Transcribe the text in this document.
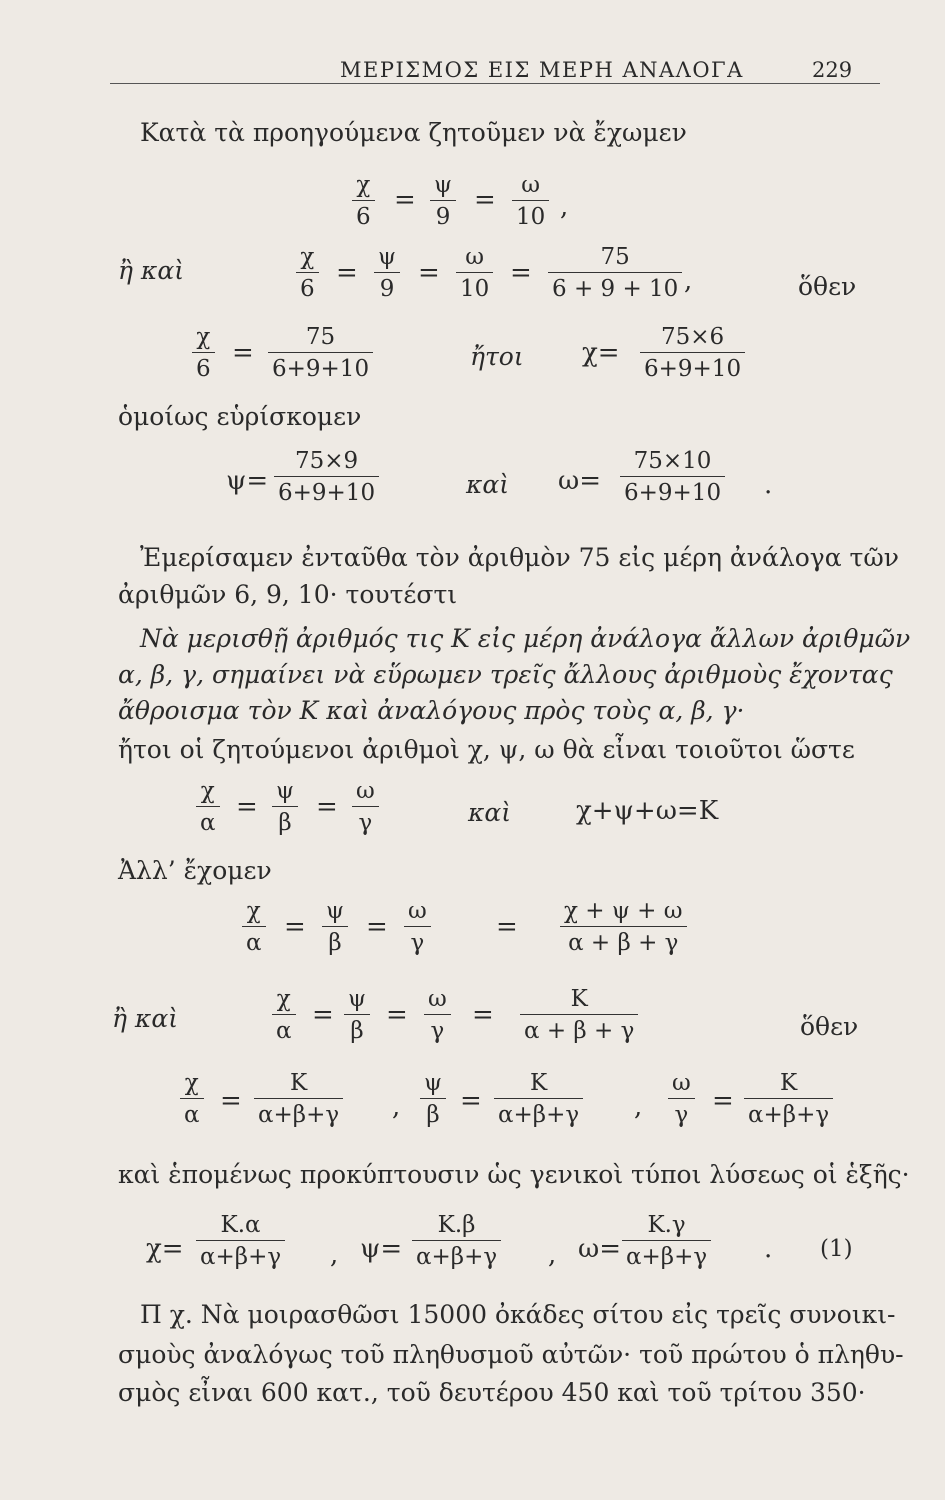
ΜΕΡΙΣΜΟΣ ΕΙΣ ΜΕΡΗ ΑΝΑΛΟΓΑ	229
Κατὰ τὰ προηγούμενα ζητοῦμεν νὰ ἔχωμεν
χ
6
= ψ
9
= ω
10 ,
ἢ καὶ	χ
6
=
ψ
9
=
ω
10
=
75
6 + 9 + 10 ,	ὅθεν
χ
6
=
75
6+9+10	ἤτοι χ=
75×6
6+9+10
ὁμοίως εὑρίσκομεν
ψ=
75×9
6+9+10	καὶ ω=
75×10
6+9+10 .
Ἐμερίσαμεν ἐνταῦθα τὸν ἀριθμὸν 75 εἰς μέρη ἀνάλογα τῶν
ἀριθμῶν 6, 9, 10· τουτέστι
Νὰ μερισθῇ ἀριθμός τις Κ εἰς μέρη ἀνάλογα ἄλλων ἀριθμῶν
α, β, γ, σημαίνει νὰ εὕρωμεν τρεῖς ἄλλους ἀριθμοὺς ἔχοντας
ἄθροισμα τὸν Κ καὶ ἀναλόγους πρὸς τοὺς α, β, γ·
ἤτοι οἱ ζητούμενοι ἀριθμοὶ χ, ψ, ω θὰ εἶναι τοιοῦτοι ὥστε
χ
α
=
ψ
β
=
ω
γ	καὶ χ+ψ+ω=Κ
Ἀλλ’ ἔχομεν
χ
α
=
ψ
β
=
ω
γ
=
χ + ψ + ω
α + β + γ
ἢ καὶ
χ
α
=
ψ
β
=
ω
γ
=
Κ
α + β + γ	ὅθεν
χ
α =
Κ
α+β+γ ,
ψ
β =
Κ
α+β+γ ,
ω
γ =
Κ
α+β+γ
καὶ ἑπομένως προκύπτουσιν ὡς γενικοὶ τύποι λύσεως οἱ ἑξῆς·
χ=
Κ.α
α+β+γ , ψ=
Κ.β
α+β+γ , ω=
Κ.γ
α+β+γ . (1)
Π χ. Νὰ μοιρασθῶσι 15000 ὀκάδες σίτου εἰς τρεῖς συνοικι-
σμοὺς ἀναλόγως τοῦ πληθυσμοῦ αὐτῶν· τοῦ πρώτου ὁ πληθυ-
σμὸς εἶναι 600 κατ., τοῦ δευτέρου 450 καὶ τοῦ τρίτου 350·
